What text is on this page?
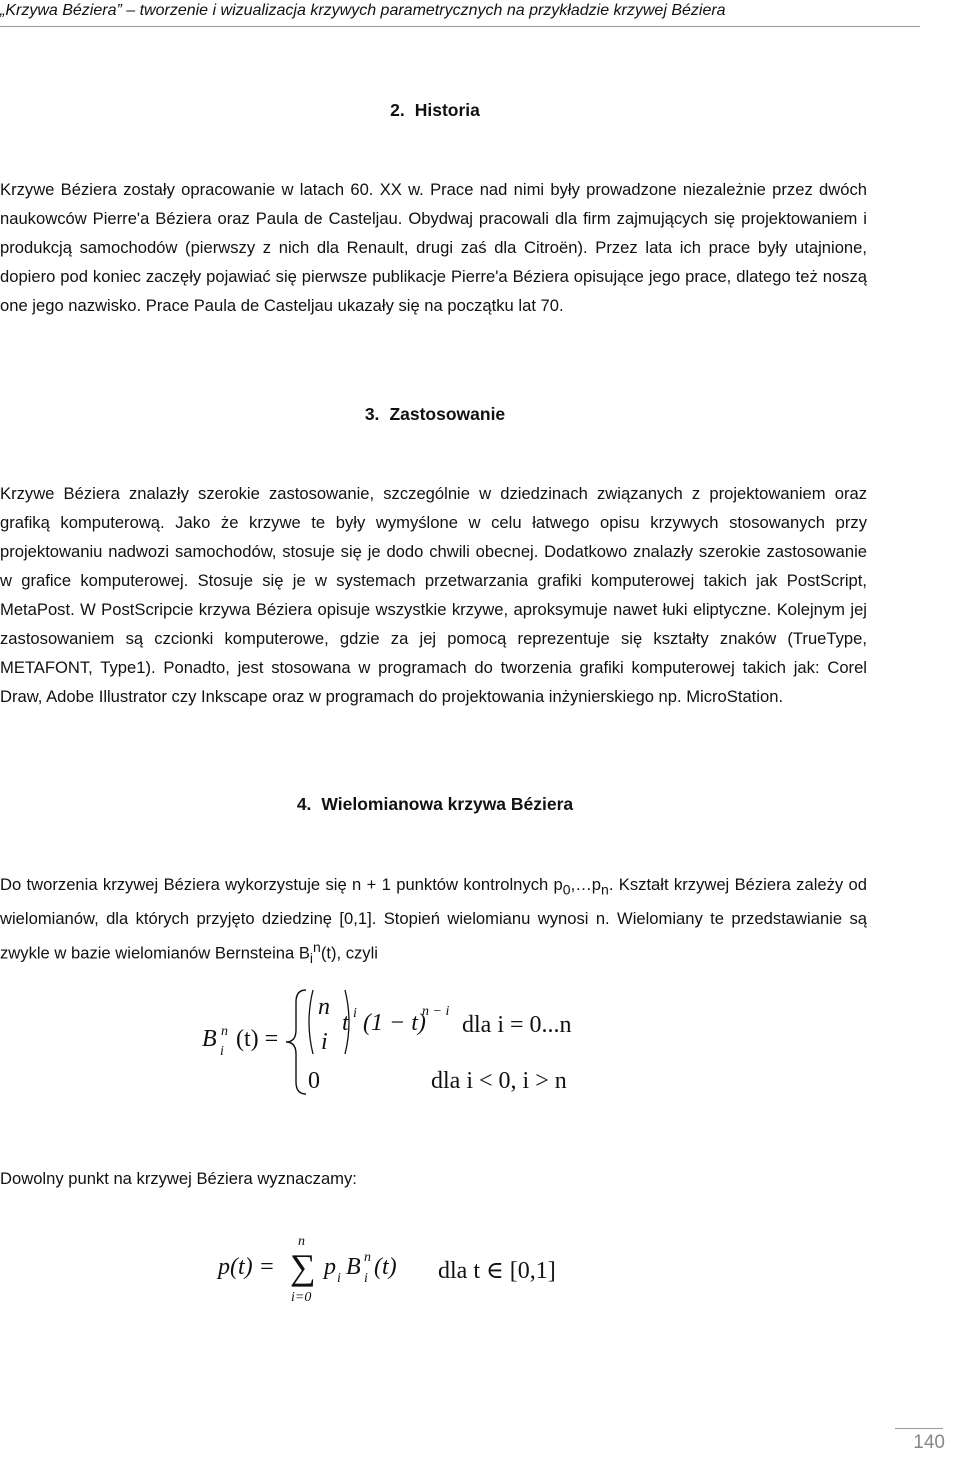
„Krzywa Béziera” – tworzenie i wizualizacja krzywych parametrycznych na przykładzie krzywej Béziera
2. Historia
Krzywe Béziera zostały opracowanie w latach 60. XX w. Prace nad nimi były prowadzone niezależnie przez dwóch naukowców Pierre'a Béziera oraz Paula de Casteljau. Obydwaj pracowali dla firm zajmujących się projektowaniem i produkcją samochodów (pierwszy z nich dla Renault, drugi zaś dla Citroën). Przez lata ich prace były utajnione, dopiero pod koniec zaczęły pojawiać się pierwsze publikacje Pierre'a Béziera opisujące jego prace, dlatego też noszą one jego nazwisko. Prace Paula de Casteljau ukazały się na początku lat 70.
3. Zastosowanie
Krzywe Béziera znalazły szerokie zastosowanie, szczególnie w dziedzinach związanych z projektowaniem oraz grafiką komputerową. Jako że krzywe te były wymyślone w celu łatwego opisu krzywych stosowanych przy projektowaniu nadwozi samochodów, stosuje się je dodo chwili obecnej. Dodatkowo znalazły szerokie zastosowanie w grafice komputerowej. Stosuje się je w systemach przetwarzania grafiki komputerowej takich jak PostScript, MetaPost. W PostScripcie krzywa Béziera opisuje wszystkie krzywe, aproksymuje nawet łuki eliptyczne. Kolejnym jej zastosowaniem są czcionki komputerowe, gdzie za jej pomocą reprezentuje się kształty znaków (TrueType, METAFONT, Type1). Ponadto, jest stosowana w programach do tworzenia grafiki komputerowej takich jak: Corel Draw, Adobe Illustrator czy Inkscape oraz w programach do projektowania inżynierskiego np. MicroStation.
4. Wielomianowa krzywa Béziera
Do tworzenia krzywej Béziera wykorzystuje się n + 1 punktów kontrolnych $p_0,\dots p_n$. Kształt krzywej Béziera zależy od wielomianów, dla których przyjęto dziedzinę [0,1]. Stopień wielomianu wynosi n. Wielomiany te przedstawianie są zwykle w bazie wielomianów Bernsteina $B_i^n(t)$, czyli
B n
i (t) =
n
i
t i (1 − t)
n − i
dla i = 0...n
0	dla i < 0, i > n
Dowolny punkt na krzywej Béziera wyznaczamy:
p(t) =
n
∑
i=0
p i B n
i (t) dla t ∈ [0,1]
140
